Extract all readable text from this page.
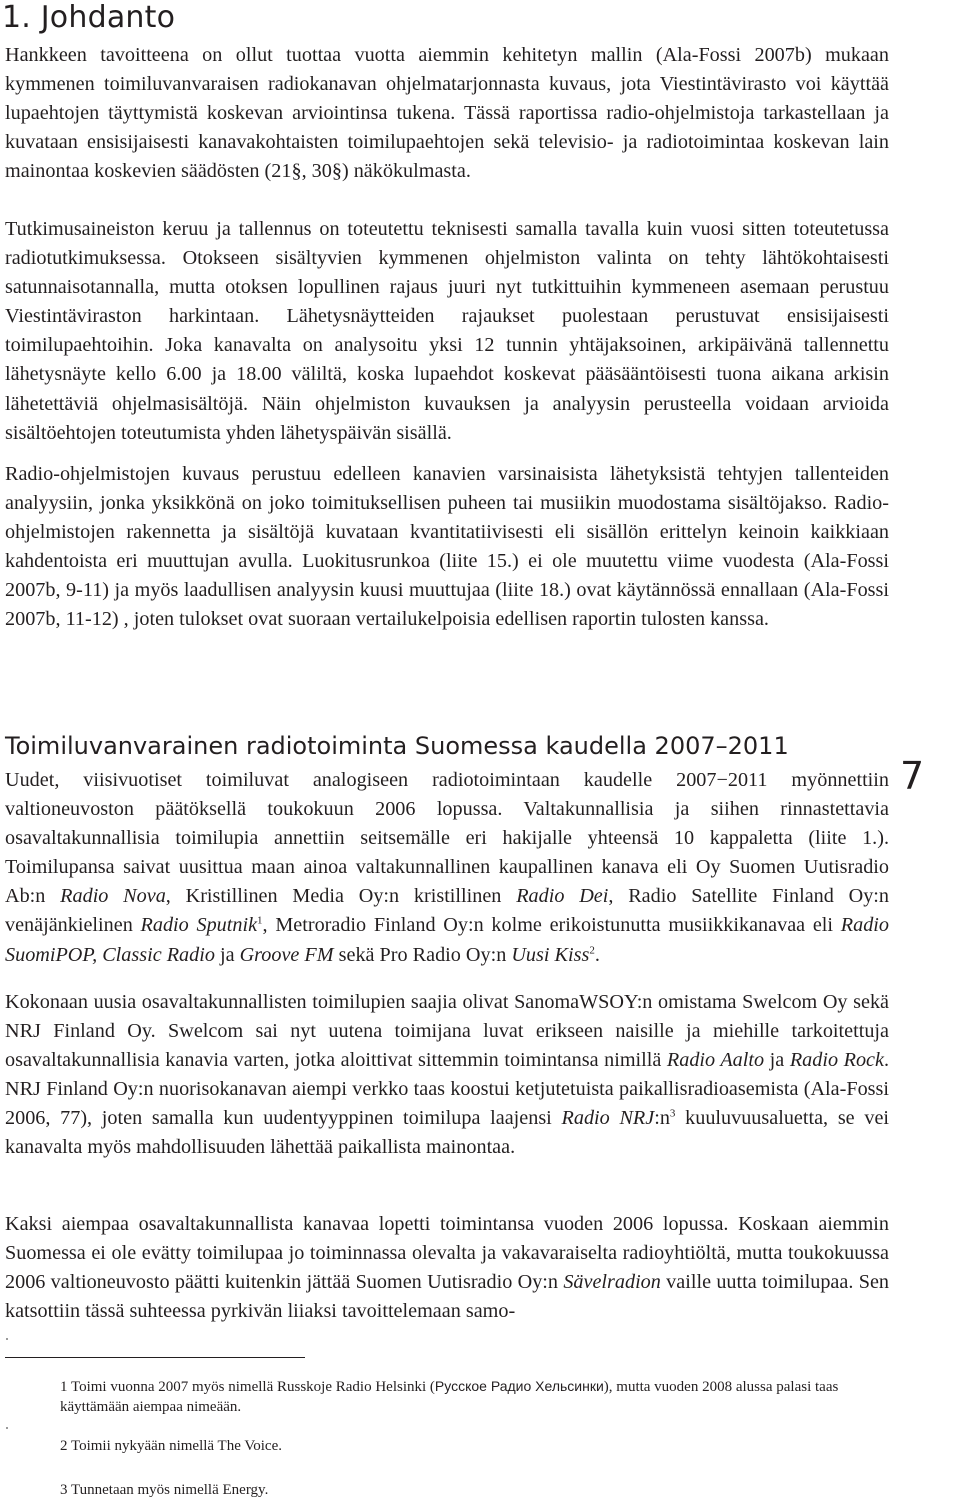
1. Johdanto

Hankkeen tavoitteena on ollut tuottaa vuotta aiemmin kehitetyn mallin (Ala-Fossi 2007b) mukaan kymmenen toimiluvanvaraisen radiokanavan ohjelmatarjonnasta kuvaus, jota Viestintävirasto voi käyttää lupaehtojen täyttymistä koskevan arviointinsa tukena. Tässä raportissa radio-ohjelmistoja tarkastellaan ja kuvataan ensisijaisesti kanavakohtaisten toimilupaehtojen sekä televisio- ja radiotoimintaa koskevan lain mainontaa koskevien säädösten (21§, 30§) näkökulmasta.

Tutkimusaineiston keruu ja tallennus on toteutettu teknisesti samalla tavalla kuin vuosi sitten toteutetussa radiotutkimuksessa. Otokseen sisältyvien kymmenen ohjelmiston valinta on tehty lähtökohtaisesti satunnaisotannalla, mutta otoksen lopullinen rajaus juuri nyt tutkittuihin kymmeneen asemaan perustuu Viestintäviraston harkintaan. Lähetysnäytteiden rajaukset puolestaan perustuvat ensisijaisesti toimilupaehtoihin. Joka kanavalta on analysoitu yksi 12 tunnin yhtäjaksoinen, arkipäivänä tallennettu lähetysnäyte kello 6.00 ja 18.00 väliltä, koska lupaehdot koskevat pääsääntöisesti tuona aikana arkisin lähetettäviä ohjelmasisältöjä. Näin ohjelmiston kuvauksen ja analyysin perusteella voidaan arvioida sisältöehtojen toteutumista yhden lähetyspäivän sisällä.

Radio-ohjelmistojen kuvaus perustuu edelleen kanavien varsinaisista lähetyksistä tehtyjen tallenteiden analyysiin, jonka yksikkönä on joko toimituksellisen puheen tai musiikin muodostama sisältöjakso. Radio-ohjelmistojen rakennetta ja sisältöjä kuvataan kvantitatiivisesti eli sisällön erittelyn keinoin kaikkiaan kahdentoista eri muuttujan avulla. Luokitusrunkoa (liite 15.) ei ole muutettu viime vuodesta (Ala-Fossi 2007b, 9-11) ja myös laadullisen analyysin kuusi muuttujaa (liite 18.) ovat käytännössä ennallaan (Ala-Fossi 2007b, 11-12) , joten tulokset ovat suoraan vertailukelpoisia edellisen raportin tulosten kanssa.

Toimiluvanvarainen radiotoiminta Suomessa kaudella 2007–2011

Uudet, viisivuotiset toimiluvat analogiseen radiotoimintaan kaudelle 2007−2011 myönnettiin valtioneuvoston päätöksellä toukokuun 2006 lopussa. Valtakunnallisia ja siihen rinnastettavia osavaltakunnallisia toimilupia annettiin seitsemälle eri hakijalle yhteensä 10 kappaletta (liite 1.). Toimilupansa saivat uusittua maan ainoa valtakunnallinen kaupallinen kanava eli Oy Suomen Uutisradio Ab:n Radio Nova, Kristillinen Media Oy:n kristillinen Radio Dei, Radio Satellite Finland Oy:n venäjänkielinen Radio Sputnik$^1$, Metroradio Finland Oy:n kolme erikoistunutta musiikkikanavaa eli Radio SuomiPOP, Classic Radio ja Groove FM sekä Pro Radio Oy:n Uusi Kiss$^2$.

Kokonaan uusia osavaltakunnallisten toimilupien saajia olivat SanomaWSOY:n omistama Swelcom Oy sekä NRJ Finland Oy. Swelcom sai nyt uutena toimijana luvat erikseen naisille ja miehille tarkoitettuja osavaltakunnallisia kanavia varten, jotka aloittivat sittemmin toimintansa nimillä Radio Aalto ja Radio Rock. NRJ Finland Oy:n nuorisokanavan aiempi verkko taas koostui ketjutetuista paikallisradioasemista (Ala-Fossi 2006, 77), joten samalla kun uudentyyppinen toimilupa laajensi Radio $NRJ:n^3$ kuuluvuusaluetta, se vei kanavalta myös mahdollisuuden lähettää paikallista mainontaa.

Kaksi aiempaa osavaltakunnallista kanavaa lopetti toimintansa vuoden 2006 lopussa. Koskaan aiemmin Suomessa ei ole evätty toimilupaa jo toiminnassa olevalta ja vakavaraiselta radioyhtiöltä, mutta toukokuussa 2006 valtioneuvosto päätti kuitenkin jättää Suomen Uutisradio Oy:n Sävelradion vaille uutta toimilupaa. Sen katsottiin tässä suhteessa pyrkivän liiaksi tavoittelemaan samo-

7
1 Toimi vuonna 2007 myös nimellä Russkoje Radio Helsinki (Русское Радио Хельсинки), mutta vuoden 2008 alussa palasi taas käyttämään aiempaa nimeään.
2 Toimii nykyään nimellä The Voice.
3 Tunnetaan myös nimellä Energy.
